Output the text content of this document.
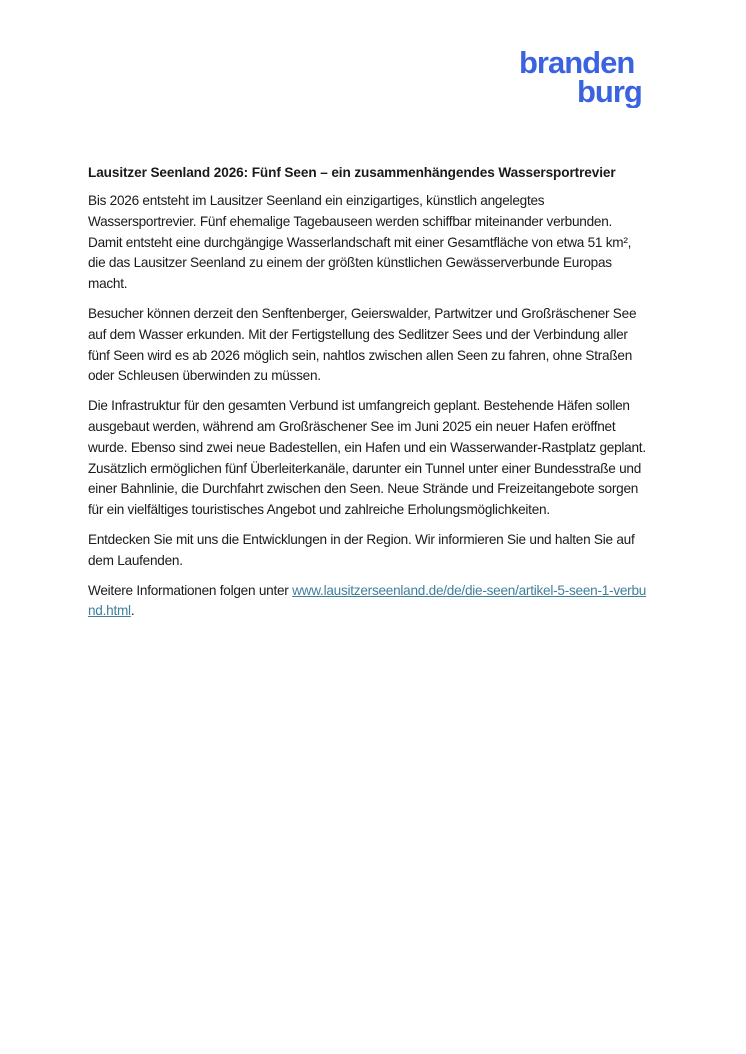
branden
burg
Lausitzer Seenland 2026: Fünf Seen – ein zusammenhängendes Wassersportrevier

Bis 2026 entsteht im Lausitzer Seenland ein einzigartiges, künstlich angelegtes Wassersportrevier. Fünf ehemalige Tagebauseen werden schiffbar miteinander verbunden. Damit entsteht eine durchgängige Wasserlandschaft mit einer Gesamtfläche von etwa 51 km², die das Lausitzer Seenland zu einem der größten künstlichen Gewässerverbunde Europas macht.

Besucher können derzeit den Senftenberger, Geierswalder, Partwitzer und Großräschener See auf dem Wasser erkunden. Mit der Fertigstellung des Sedlitzer Sees und der Verbindung aller fünf Seen wird es ab 2026 möglich sein, nahtlos zwischen allen Seen zu fahren, ohne Straßen oder Schleusen überwinden zu müssen.

Die Infrastruktur für den gesamten Verbund ist umfangreich geplant. Bestehende Häfen sollen ausgebaut werden, während am Großräschener See im Juni 2025 ein neuer Hafen eröffnet wurde. Ebenso sind zwei neue Badestellen, ein Hafen und ein Wasserwander-Rastplatz geplant. Zusätzlich ermöglichen fünf Überleiterkanäle, darunter ein Tunnel unter einer Bundesstraße und einer Bahnlinie, die Durchfahrt zwischen den Seen. Neue Strände und Freizeitangebote sorgen für ein vielfältiges touristisches Angebot und zahlreiche Erholungsmöglichkeiten.

Entdecken Sie mit uns die Entwicklungen in der Region. Wir informieren Sie und halten Sie auf dem Laufenden.

Weitere Informationen folgen unter www.lausitzerseenland.de/de/die-seen/artikel-5-seen-1-verbund.html.
